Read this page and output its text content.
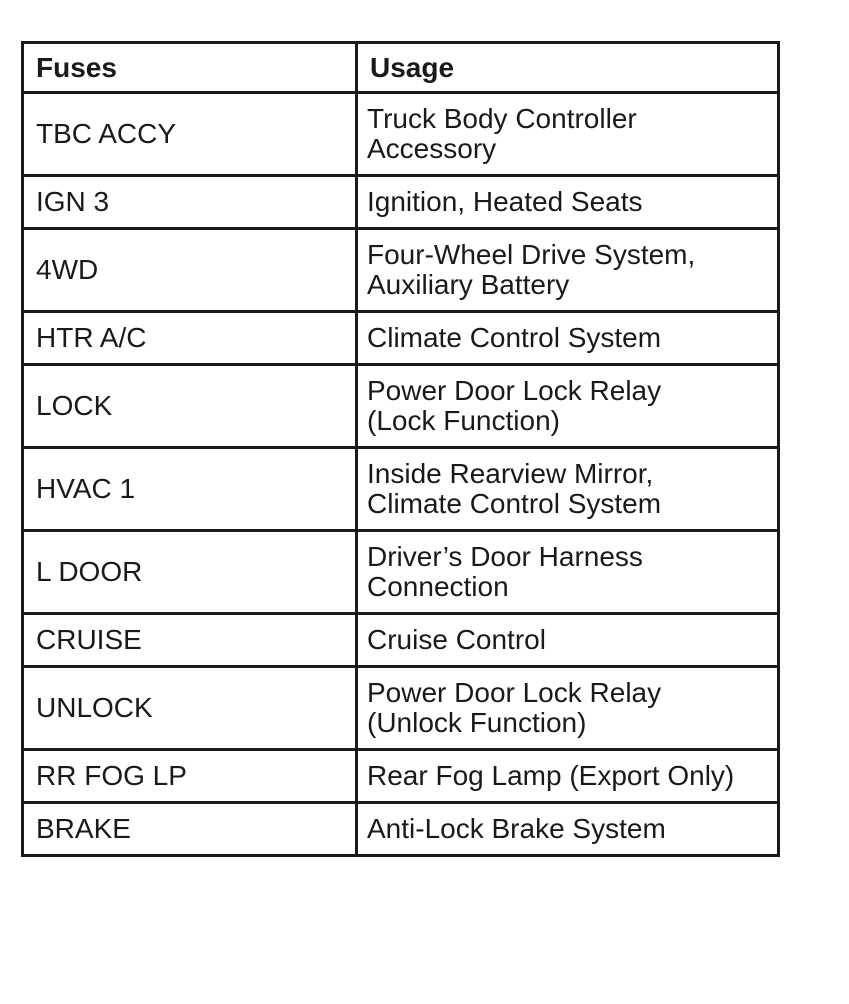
Fuses	Usage
TBC ACCY	Truck Body Controller
Accessory

IGN 3	Ignition, Heated Seats

4WD	Four-Wheel Drive System,
Auxiliary Battery

HTR A/C	Climate Control System

LOCK	Power Door Lock Relay
(Lock Function)

HVAC 1	Inside Rearview Mirror,
Climate Control System

L DOOR	Driver’s Door Harness
Connection

CRUISE	Cruise Control

UNLOCK	Power Door Lock Relay
(Unlock Function)

RR FOG LP	Rear Fog Lamp (Export Only)

BRAKE	Anti-Lock Brake System
